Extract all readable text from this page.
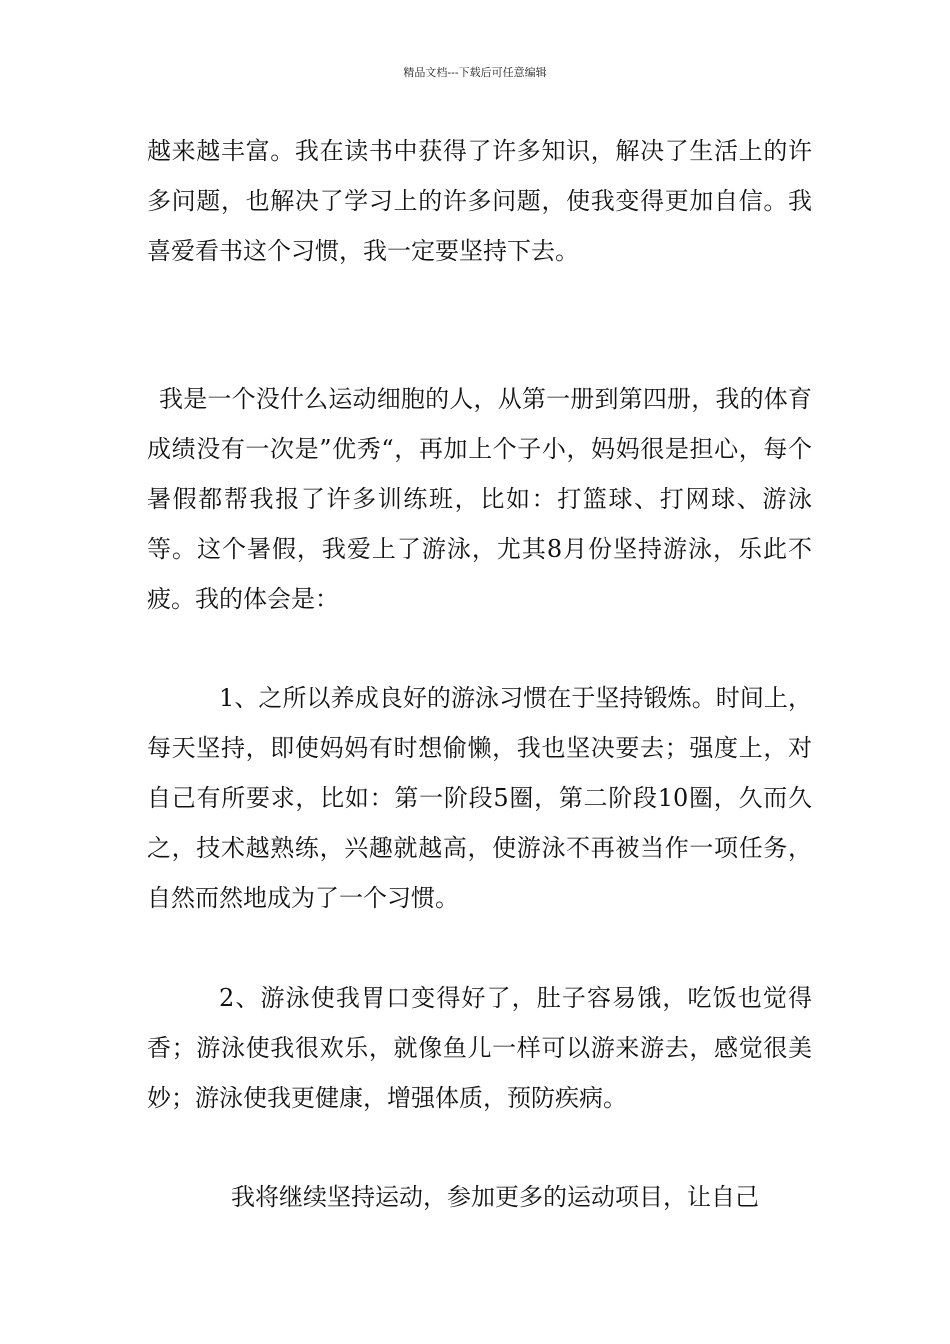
精品文档---下载后可任意编辑

越来越丰富。我在读书中获得了许多知识，解决了生活上的许多问题，也解决了学习上的许多问题，使我变得更加自信。我喜爱看书这个习惯，我一定要坚持下去。

我是一个没什么运动细胞的人，从第一册到第四册，我的体育成绩没有一次是”优秀“，再加上个子小，妈妈很是担心，每个暑假都帮我报了许多训练班，比如：打篮球、打网球、游泳等。这个暑假，我爱上了游泳，尤其8月份坚持游泳，乐此不疲。我的体会是：

1、之所以养成良好的游泳习惯在于坚持锻炼。时间上，每天坚持，即使妈妈有时想偷懒，我也坚决要去；强度上，对自己有所要求，比如：第一阶段5圈，第二阶段10圈，久而久之，技术越熟练，兴趣就越高，使游泳不再被当作一项任务，自然而然地成为了一个习惯。

2、游泳使我胃口变得好了，肚子容易饿，吃饭也觉得香；游泳使我很欢乐，就像鱼儿一样可以游来游去，感觉很美妙；游泳使我更健康，增强体质，预防疾病。

我将继续坚持运动，参加更多的运动项目，让自己
